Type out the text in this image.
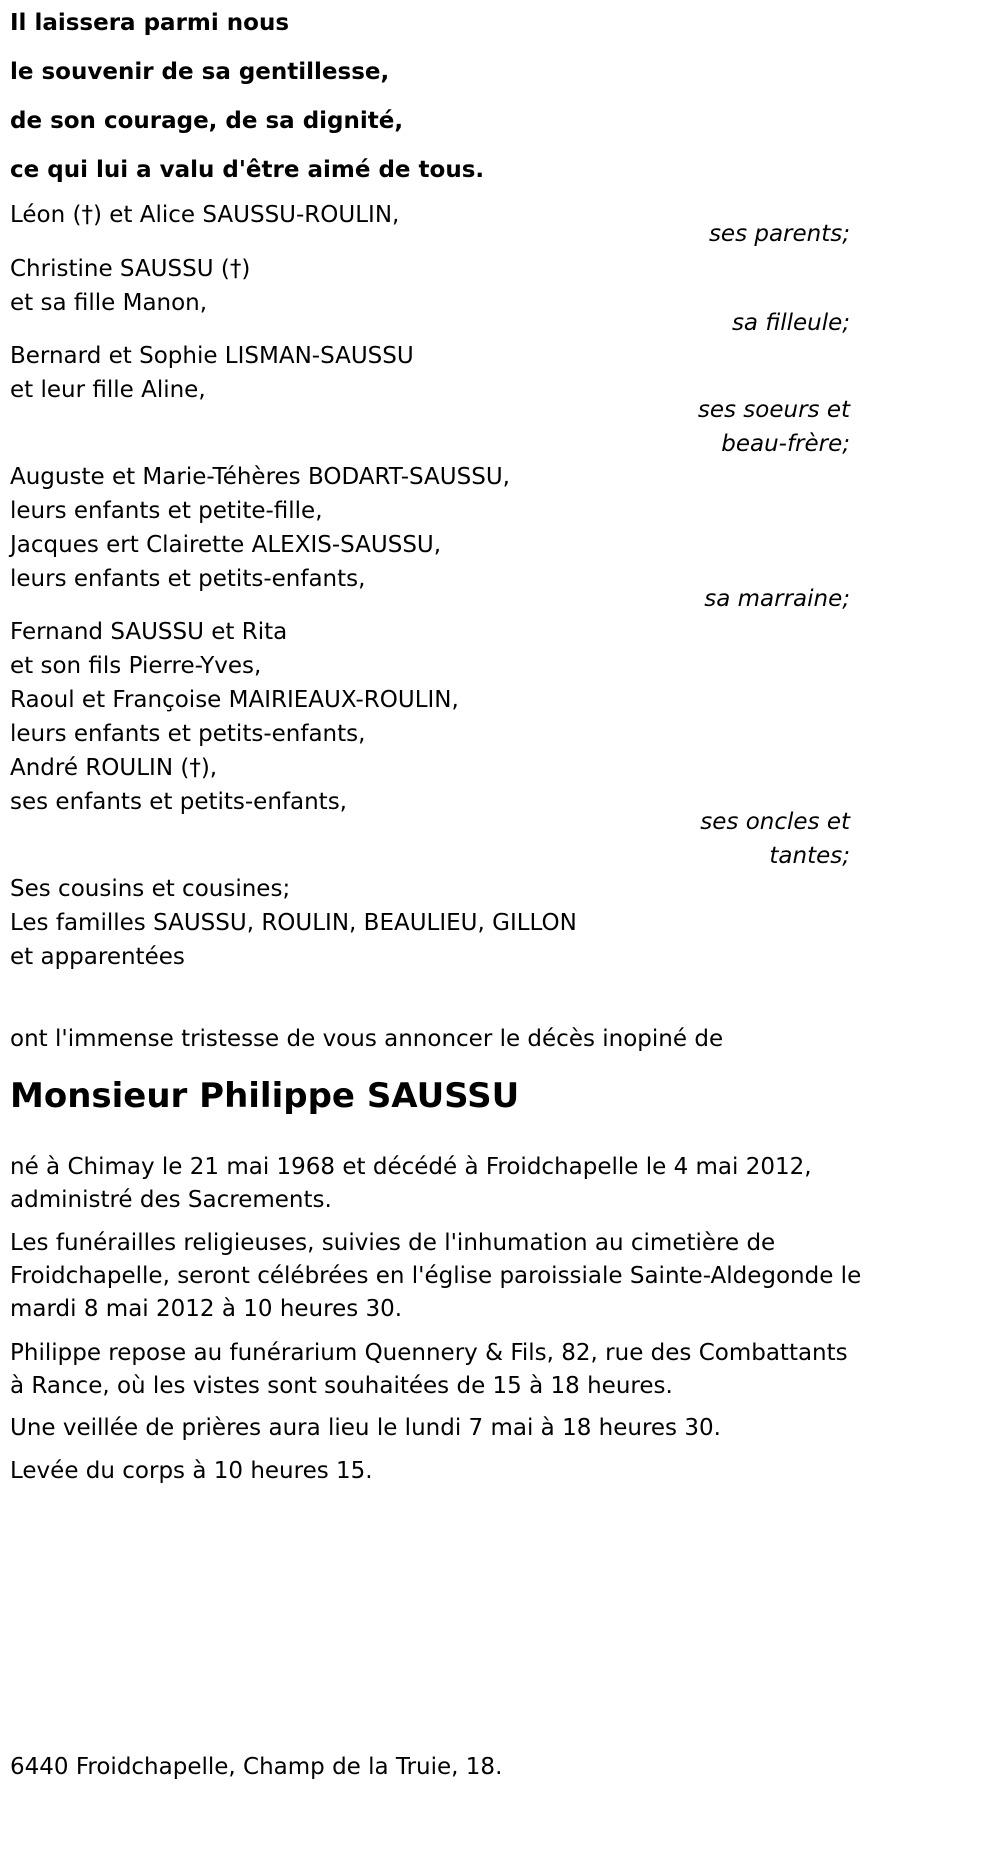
Il laissera parmi nous
le souvenir de sa gentillesse,
de son courage, de sa dignité,
ce qui lui a valu d'être aimé de tous.
Léon (†) et Alice SAUSSU-ROULIN,
ses parents;
Christine SAUSSU (†)
et sa fille Manon,
sa filleule;
Bernard et Sophie LISMAN-SAUSSU
et leur fille Aline,
ses soeurs et
beau-frère;
Auguste et Marie-Téhères BODART-SAUSSU,
leurs enfants et petite-fille,
Jacques ert Clairette ALEXIS-SAUSSU,
leurs enfants et petits-enfants,
sa marraine;
Fernand SAUSSU et Rita
et son fils Pierre-Yves,
Raoul et Françoise MAIRIEAUX-ROULIN,
leurs enfants et petits-enfants,
André ROULIN (†),
ses enfants et petits-enfants,
ses oncles et
tantes;
Ses cousins et cousines;
Les familles SAUSSU, ROULIN, BEAULIEU, GILLON
et apparentées
ont l'immense tristesse de vous annoncer le décès inopiné de
Monsieur Philippe SAUSSU
né à Chimay le 21 mai 1968 et décédé à Froidchapelle le 4 mai 2012,
administré des Sacrements.
Les funérailles religieuses, suivies de l'inhumation au cimetière de
Froidchapelle, seront célébrées en l'église paroissiale Sainte-Aldegonde le
mardi 8 mai 2012 à 10 heures 30.
Philippe repose au funérarium Quennery & Fils, 82, rue des Combattants
à Rance, où les vistes sont souhaitées de 15 à 18 heures.
Une veillée de prières aura lieu le lundi 7 mai à 18 heures 30.
Levée du corps à 10 heures 15.
6440 Froidchapelle, Champ de la Truie, 18.
